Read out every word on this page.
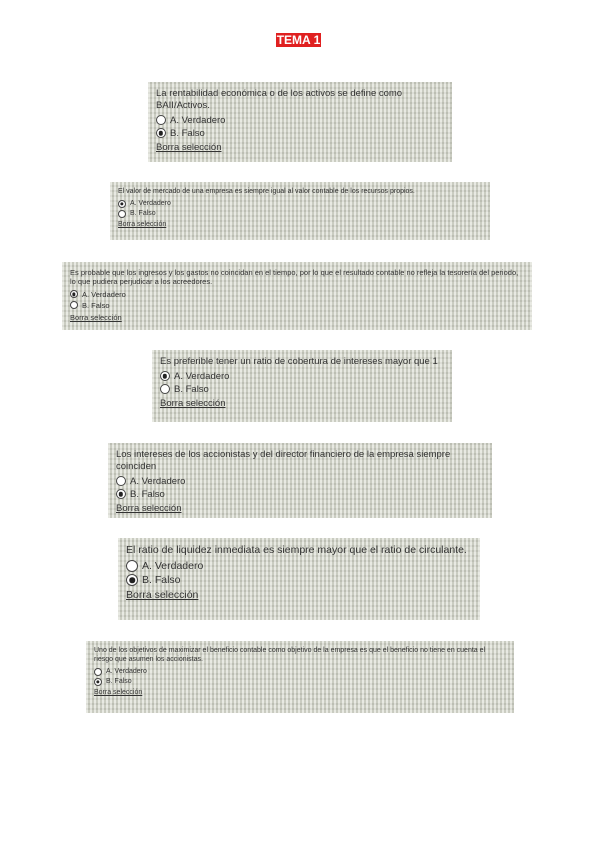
TEMA 1
La rentabilidad económica o de los activos se define como BAII/Activos.
A. Verdadero
B. Falso
Borra selección
El valor de mercado de una empresa es siempre igual al valor contable de los recursos propios.
A. Verdadero
B. Falso
Borra selección
Es probable que los ingresos y los gastos no coincidan en el tiempo, por lo que el resultado contable no refleja la tesorería del periodo, lo que pudiera perjudicar a los acreedores.
A. Verdadero
B. Falso
Borra selección
Es preferible tener un ratio de cobertura de intereses mayor que 1
A. Verdadero
B. Falso
Borra selección
Los intereses de los accionistas y del director financiero de la empresa siempre coinciden
A. Verdadero
B. Falso
Borra selección
El ratio de liquidez inmediata es siempre mayor que el ratio de circulante.
A. Verdadero
B. Falso
Borra selección
Uno de los objetivos de maximizar el beneficio contable como objetivo de la empresa es que el beneficio no tiene en cuenta el riesgo que asumen los accionistas.
A. Verdadero
B. Falso
Borra selección
